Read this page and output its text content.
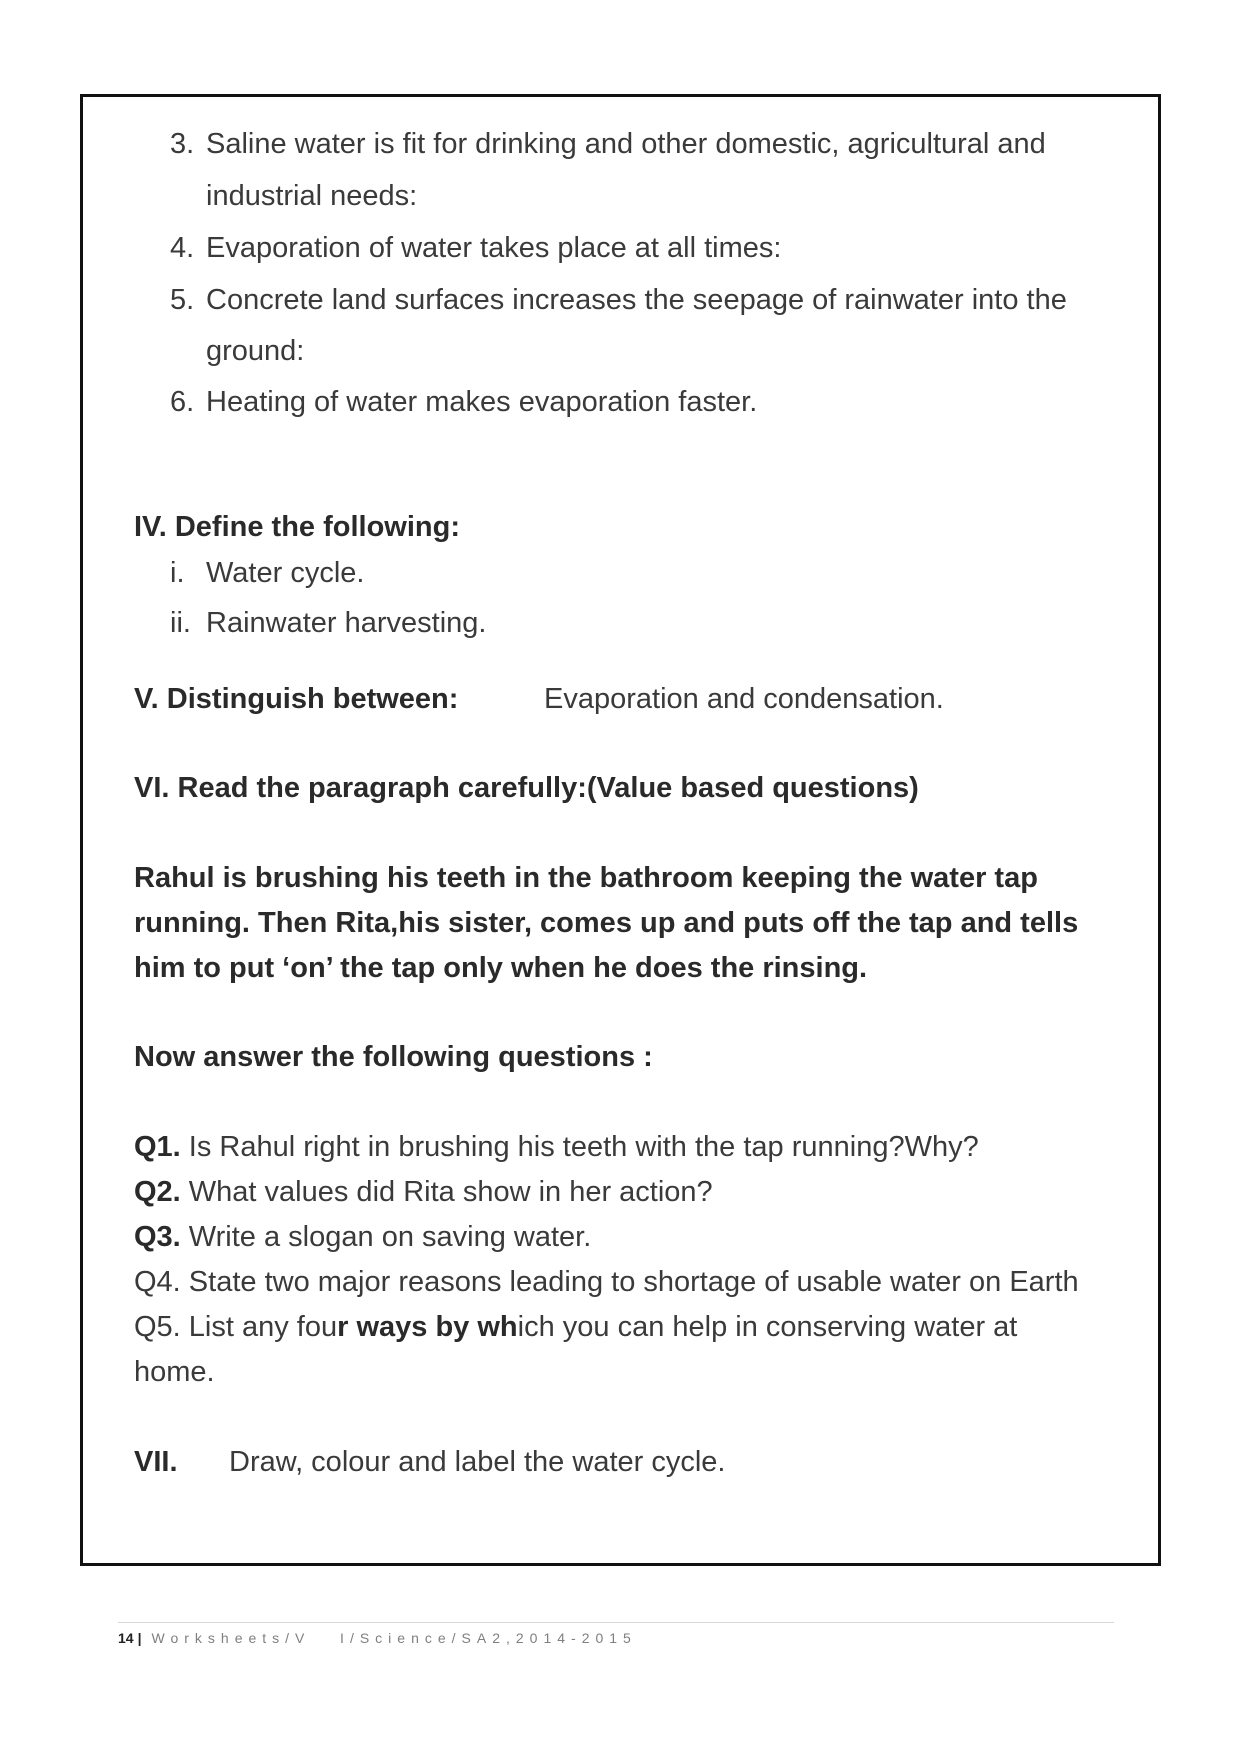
3. Saline water is fit for drinking and other domestic, agricultural and
industrial needs:
4. Evaporation of water takes place at all times:
5. Concrete land surfaces increases the seepage of rainwater into the
ground:
6. Heating of water makes evaporation faster.
IV. Define the following:
i. Water cycle.
ii. Rainwater harvesting.
V. Distinguish between:	Evaporation and condensation.
VI. Read the paragraph carefully:(Value based questions)
Rahul is brushing his teeth in the bathroom keeping the water tap
running. Then Rita,his sister, comes up and puts off the tap and tells
him to put ‘on’ the tap only when he does the rinsing.
Now answer the following questions :
Q1. Is Rahul right in brushing his teeth with the tap running?Why?
Q2. What values did Rita show in her action?
Q3. Write a slogan on saving water.
Q4. State two major reasons leading to shortage of usable water on Earth
Q5. List any four ways by which you can help in conserving water at
home.
VII. Draw, colour and label the water cycle.
14 | Worksheets/V   I/Science/SA2,2014-2015
